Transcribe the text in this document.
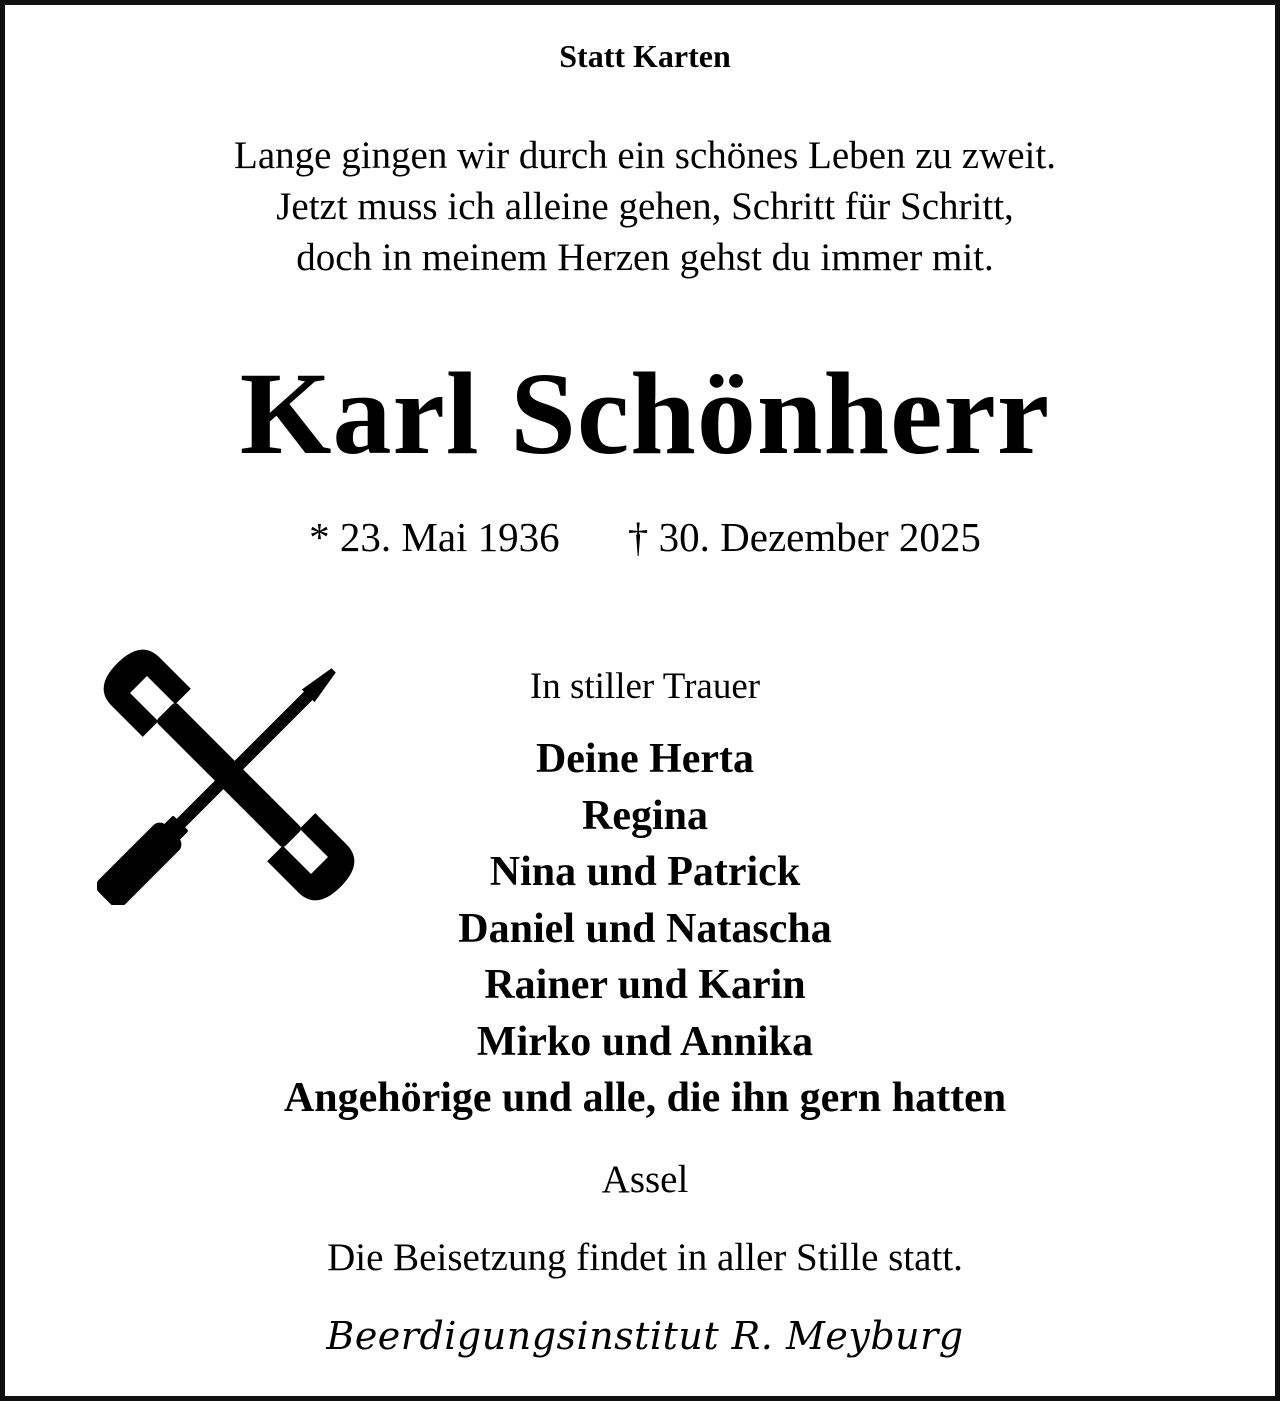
Statt Karten
Lange gingen wir durch ein schönes Leben zu zweit.
Jetzt muss ich alleine gehen, Schritt für Schritt,
doch in meinem Herzen gehst du immer mit.
Karl Schönherr
* 23. Mai 1936 † 30. Dezember 2025
In stiller Trauer
Deine Herta
Regina
Nina und Patrick
Daniel und Natascha
Rainer und Karin
Mirko und Annika
Angehörige und alle, die ihn gern hatten
Assel
Die Beisetzung findet in aller Stille statt.
Beerdigungsinstitut R. Meyburg
